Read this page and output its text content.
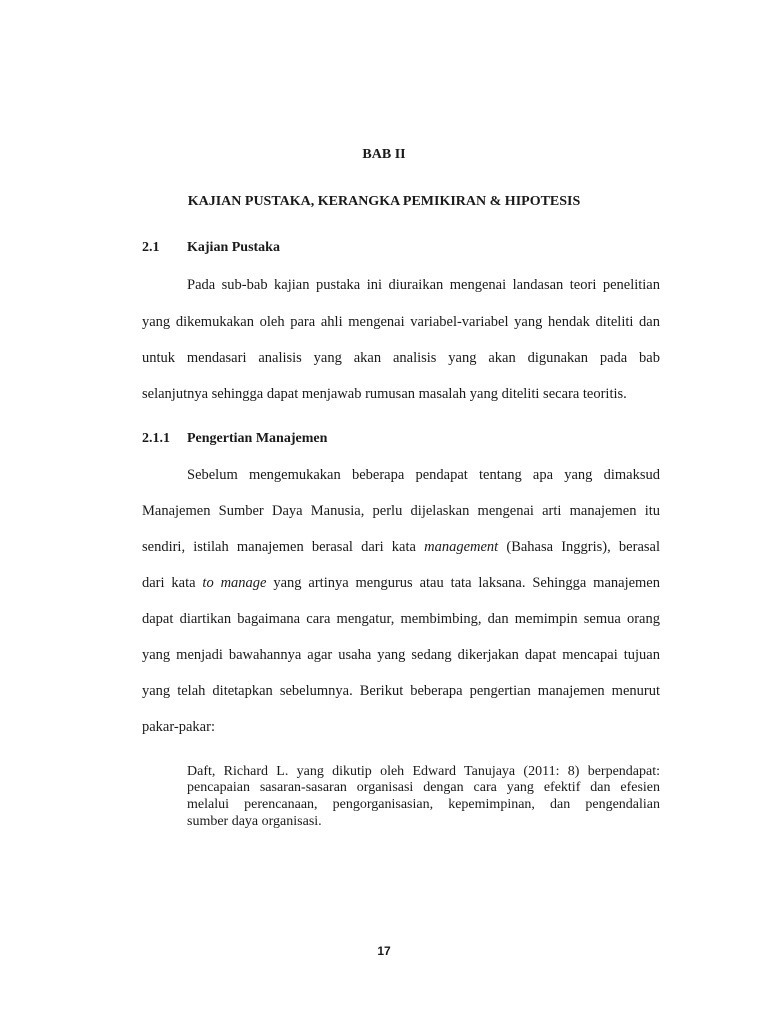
BAB II
KAJIAN PUSTAKA, KERANGKA PEMIKIRAN & HIPOTESIS
2.1 Kajian Pustaka
Pada sub-bab kajian pustaka ini diuraikan mengenai landasan teori penelitian
yang dikemukakan oleh para ahli mengenai variabel-variabel yang hendak diteliti dan
untuk mendasari analisis yang akan analisis yang akan digunakan pada bab
selanjutnya sehingga dapat menjawab rumusan masalah yang diteliti secara teoritis.
2.1.1 Pengertian Manajemen
Sebelum mengemukakan beberapa pendapat tentang apa yang dimaksud
Manajemen Sumber Daya Manusia, perlu dijelaskan mengenai arti manajemen itu
sendiri, istilah manajemen berasal dari kata management (Bahasa Inggris), berasal
dari kata to manage yang artinya mengurus atau tata laksana. Sehingga manajemen
dapat diartikan bagaimana cara mengatur, membimbing, dan memimpin semua orang
yang menjadi bawahannya agar usaha yang sedang dikerjakan dapat mencapai tujuan
yang telah ditetapkan sebelumnya. Berikut beberapa pengertian manajemen menurut
pakar-pakar:
Daft, Richard L. yang dikutip oleh Edward Tanujaya (2011: 8) berpendapat:
pencapaian sasaran-sasaran organisasi dengan cara yang efektif dan efesien
melalui perencanaan, pengorganisasian, kepemimpinan, dan pengendalian
sumber daya organisasi.
17
